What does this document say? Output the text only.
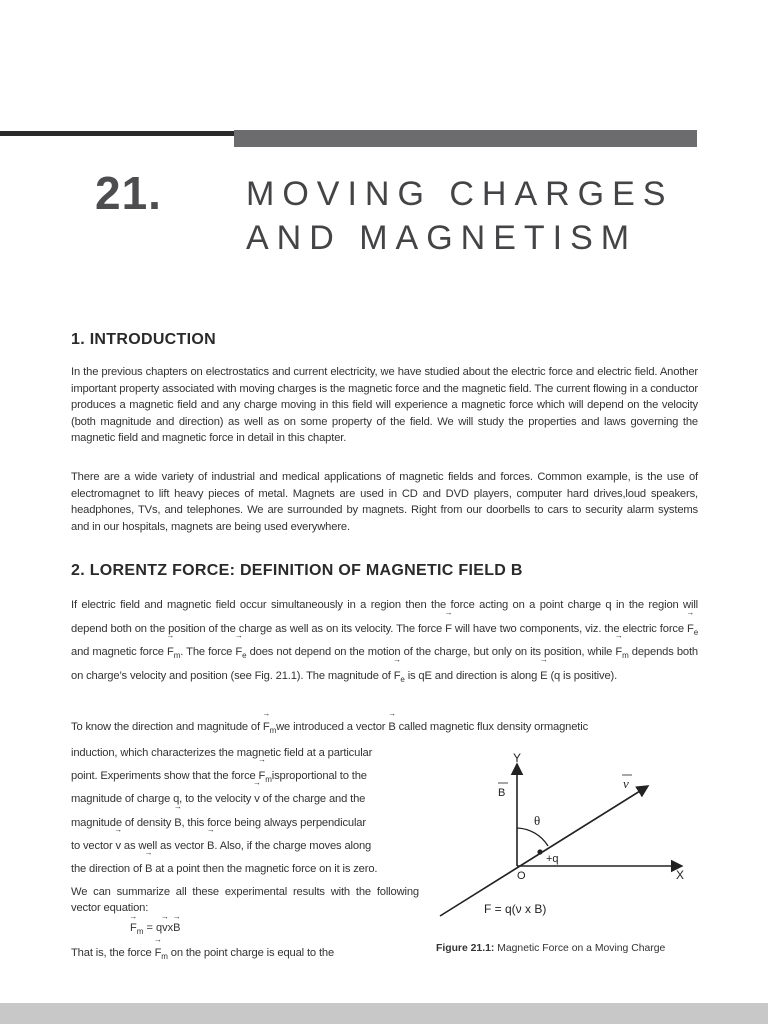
21. MOVING CHARGES
AND MAGNETISM
1. INTRODUCTION

In the previous chapters on electrostatics and current electricity, we have studied about the electric force and electric field. Another important property associated with moving charges is the magnetic force and the magnetic field. The current flowing in a conductor produces a magnetic field and any charge moving in this field will experience a magnetic force which will depend on the velocity (both magnitude and direction) as well as on some property of the field. We will study the properties and laws governing the magnetic field and magnetic force in detail in this chapter.

There are a wide variety of industrial and medical applications of magnetic fields and forces. Common example, is the use of electromagnet to lift heavy pieces of metal. Magnets are used in CD and DVD players, computer hard drives,loud speakers, headphones, TVs, and telephones. We are surrounded by magnets. Right from our doorbells to cars to security alarm systems and in our hospitals, magnets are being used everywhere.

2. LORENTZ FORCE: DEFINITION OF MAGNETIC FIELD B

If electric field and magnetic field occur simultaneously in a region then the force acting on a point charge q in the region will depend both on the position of the charge as well as on its velocity. The force → F will have two components, viz. the electric force → $F_e$ and magnetic force → $F_m$. The force → $F_e$ does not depend on the motion of the charge, but only on its position, while → $F_m$ depends both on charge’s velocity and position (see Fig. 21.1). The magnitude of → $F_e$ is qE and direction is along → E (q is positive).

To know the direction and magnitude of → $F_mwe$ introduced a vector → B called magnetic flux density ormagnetic

induction, which characterizes the magnetic field at a particular
point. Experiments show that the force → $F_misproportional$ to the
magnitude of charge q, to the velocity → v of the charge and the
magnitude of density → B, this force being always perpendicular
to vector → v as well as vector → B. Also, if the charge moves along
the direction of → B at a point then the magnetic force on it is zero.
We can summarize all these experimental results with the following vector equation:
→ $F_m = q\to vx\to B$
That is, the force → $F_m$ on the point charge is equal to the
Y
X
O
B
v
θ
+q
F = q(ν x B)
Figure 21.1: Magnetic Force on a Moving Charge
